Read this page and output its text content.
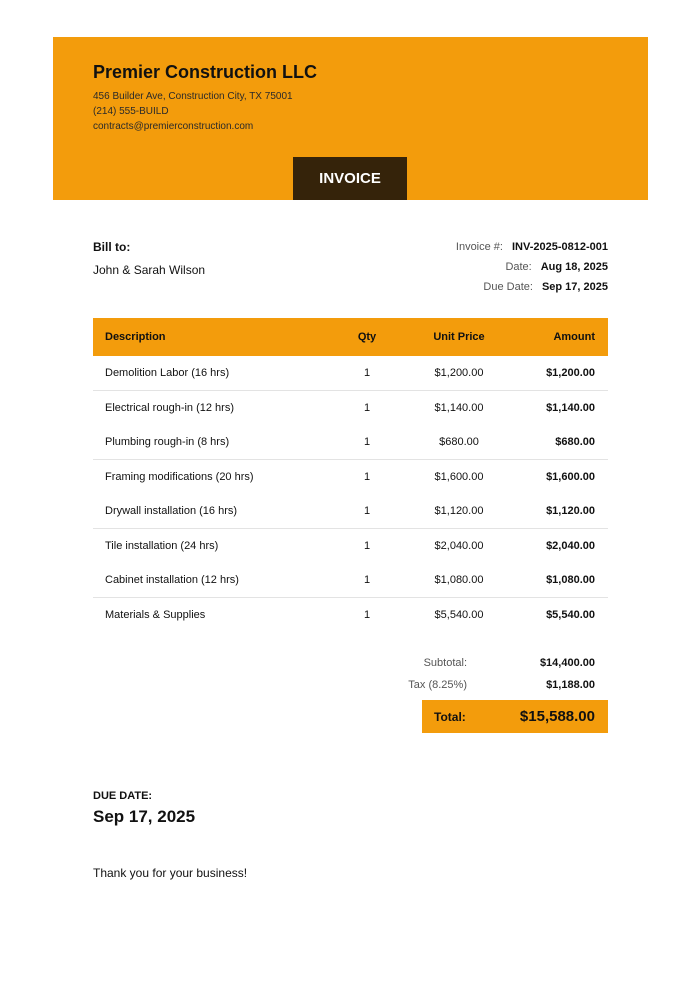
Premier Construction LLC
456 Builder Ave, Construction City, TX 75001
(214) 555-BUILD
contracts@premierconstruction.com
INVOICE
Bill to:
John & Sarah Wilson
Invoice #: INV-2025-0812-001
Date: Aug 18, 2025
Due Date: Sep 17, 2025
Description	Qty	Unit Price	Amount
Demolition Labor (16 hrs)	1	$1,200.00	$1,200.00
Electrical rough-in (12 hrs)	1	$1,140.00	$1,140.00
Plumbing rough-in (8 hrs)	1	$680.00	$680.00
Framing modifications (20 hrs)	1	$1,600.00	$1,600.00
Drywall installation (16 hrs)	1	$1,120.00	$1,120.00
Tile installation (24 hrs)	1	$2,040.00	$2,040.00
Cabinet installation (12 hrs)	1	$1,080.00	$1,080.00
Materials & Supplies	1	$5,540.00	$5,540.00
Subtotal:	$14,400.00
Tax (8.25%)	$1,188.00
Total:	$15,588.00
DUE DATE:
Sep 17, 2025
Thank you for your business!
